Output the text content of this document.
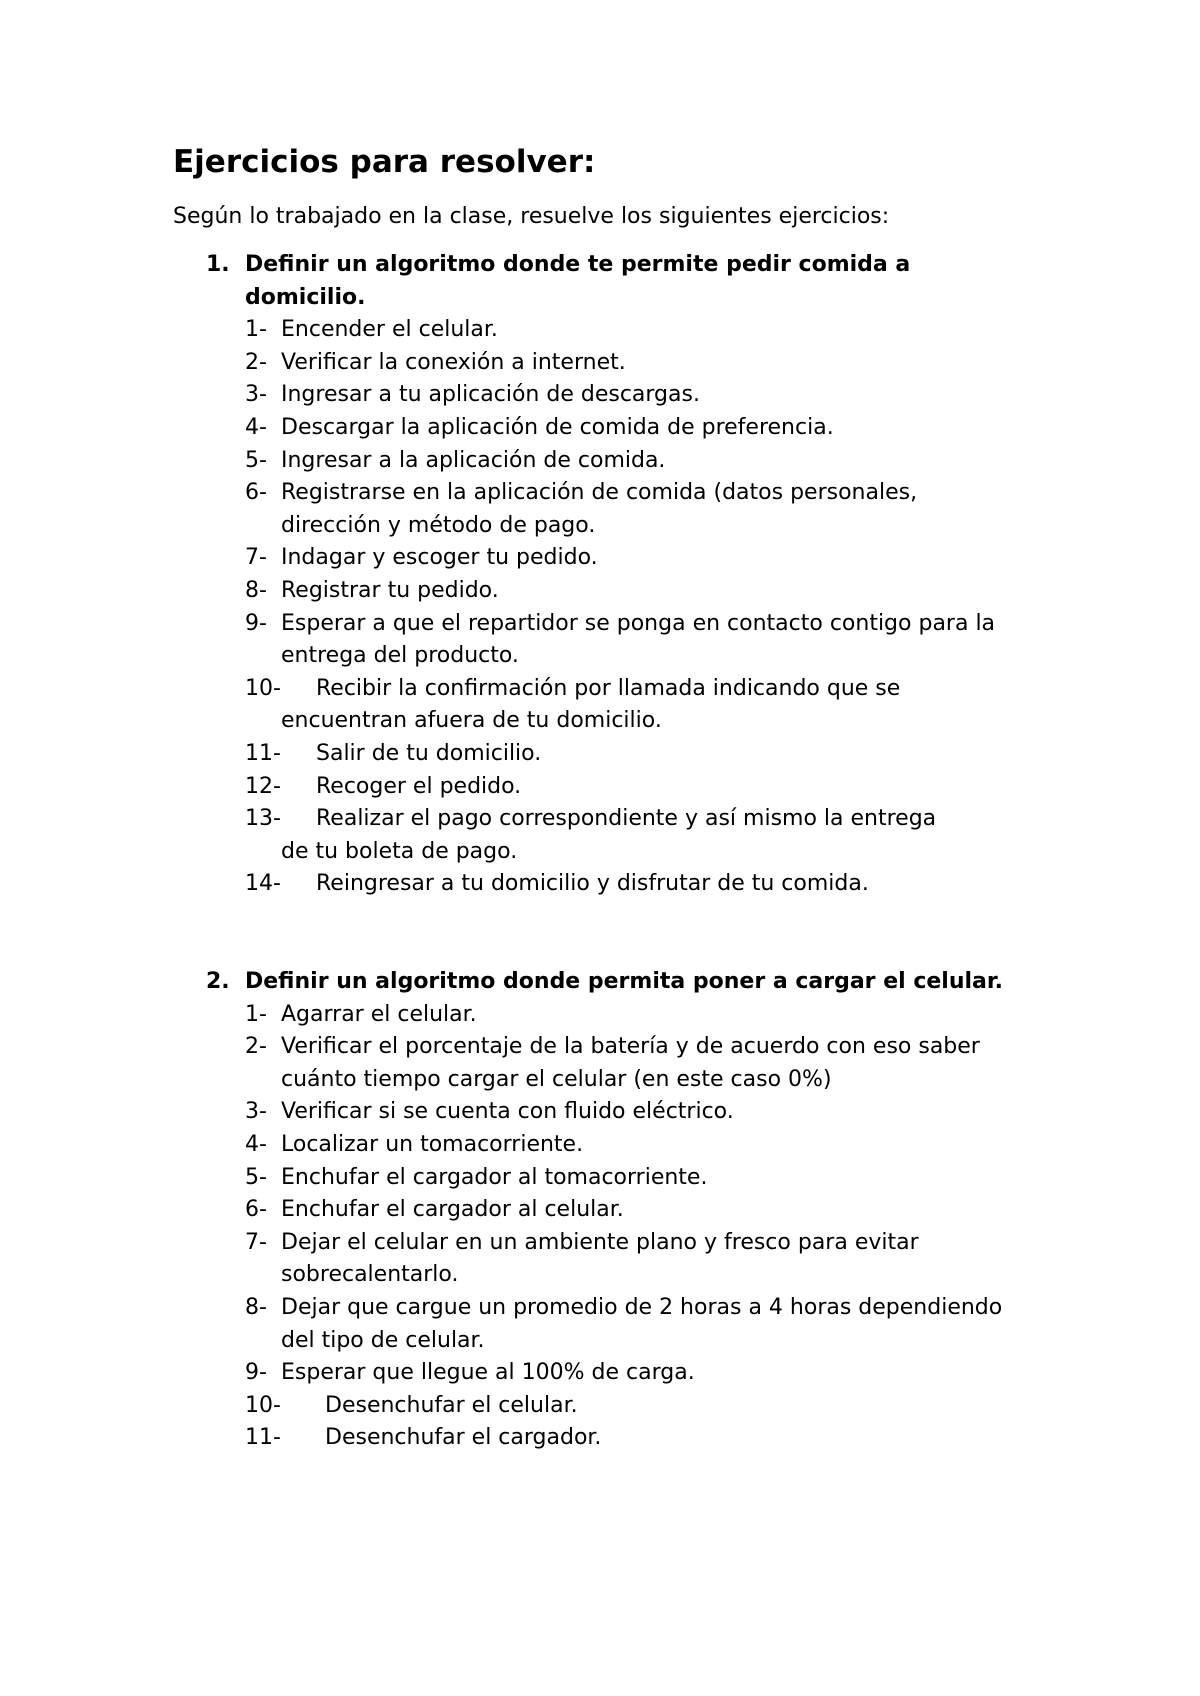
Ejercicios para resolver:

Según lo trabajado en la clase, resuelve los siguientes ejercicios:

1. Definir un algoritmo donde te permite pedir comida a domicilio.
1- Encender el celular.
2- Verificar la conexión a internet.
3- Ingresar a tu aplicación de descargas.
4- Descargar la aplicación de comida de preferencia.
5- Ingresar a la aplicación de comida.
6- Registrarse en la aplicación de comida (datos personales, dirección y método de pago.
7- Indagar y escoger tu pedido.
8- Registrar tu pedido.
9- Esperar a que el repartidor se ponga en contacto contigo para la entrega del producto.
10- Recibir la confirmación por llamada indicando que se
encuentran afuera de tu domicilio.
11- Salir de tu domicilio.
12- Recoger el pedido.
13- Realizar el pago correspondiente y así mismo la entrega
de tu boleta de pago.
14- Reingresar a tu domicilio y disfrutar de tu comida.
2. Definir un algoritmo donde permita poner a cargar el celular.
1- Agarrar el celular.
2- Verificar el porcentaje de la batería y de acuerdo con eso saber cuánto tiempo cargar el celular (en este caso 0%)
3- Verificar si se cuenta con fluido eléctrico.
4- Localizar un tomacorriente.
5- Enchufar el cargador al tomacorriente.
6- Enchufar el cargador al celular.
7- Dejar el celular en un ambiente plano y fresco para evitar sobrecalentarlo.
8- Dejar que cargue un promedio de 2 horas a 4 horas dependiendo del tipo de celular.
9- Esperar que llegue al 100% de carga.
10- Desenchufar el celular.
11- Desenchufar el cargador.
